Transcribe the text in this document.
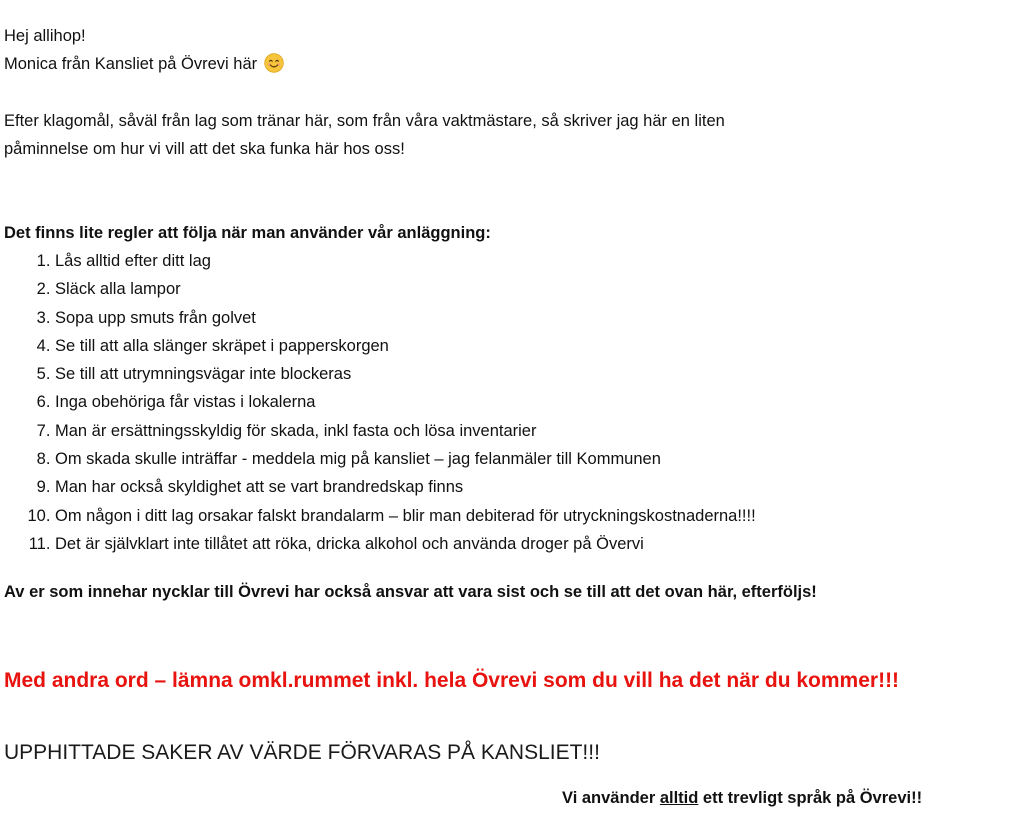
Hej allihop!
Monica från Kansliet på Övrevi här
Efter klagomål, såväl från lag som tränar här, som från våra vaktmästare, så skriver jag här en liten
påminnelse om hur vi vill att det ska funka här hos oss!
Det finns lite regler att följa när man använder vår anläggning:
1. Lås alltid efter ditt lag
2. Släck alla lampor
3. Sopa upp smuts från golvet
4. Se till att alla slänger skräpet i papperskorgen
5. Se till att utrymningsvägar inte blockeras
6. Inga obehöriga får vistas i lokalerna
7. Man är ersättningsskyldig för skada, inkl fasta och lösa inventarier
8. Om skada skulle inträffar - meddela mig på kansliet – jag felanmäler till Kommunen
9. Man har också skyldighet att se vart brandredskap finns
10. Om någon i ditt lag orsakar falskt brandalarm – blir man debiterad för utryckningskostnaderna!!!!
11. Det är självklart inte tillåtet att röka, dricka alkohol och använda droger på Övervi
Av er som innehar nycklar till Övrevi har också ansvar att vara sist och se till att det ovan här, efterföljs!
Med andra ord – lämna omkl.rummet inkl. hela Övrevi som du vill ha det när du kommer!!!
UPPHITTADE SAKER AV VÄRDE FÖRVARAS PÅ KANSLIET!!!
Vi använder alltid ett trevligt språk på Övrevi!!
